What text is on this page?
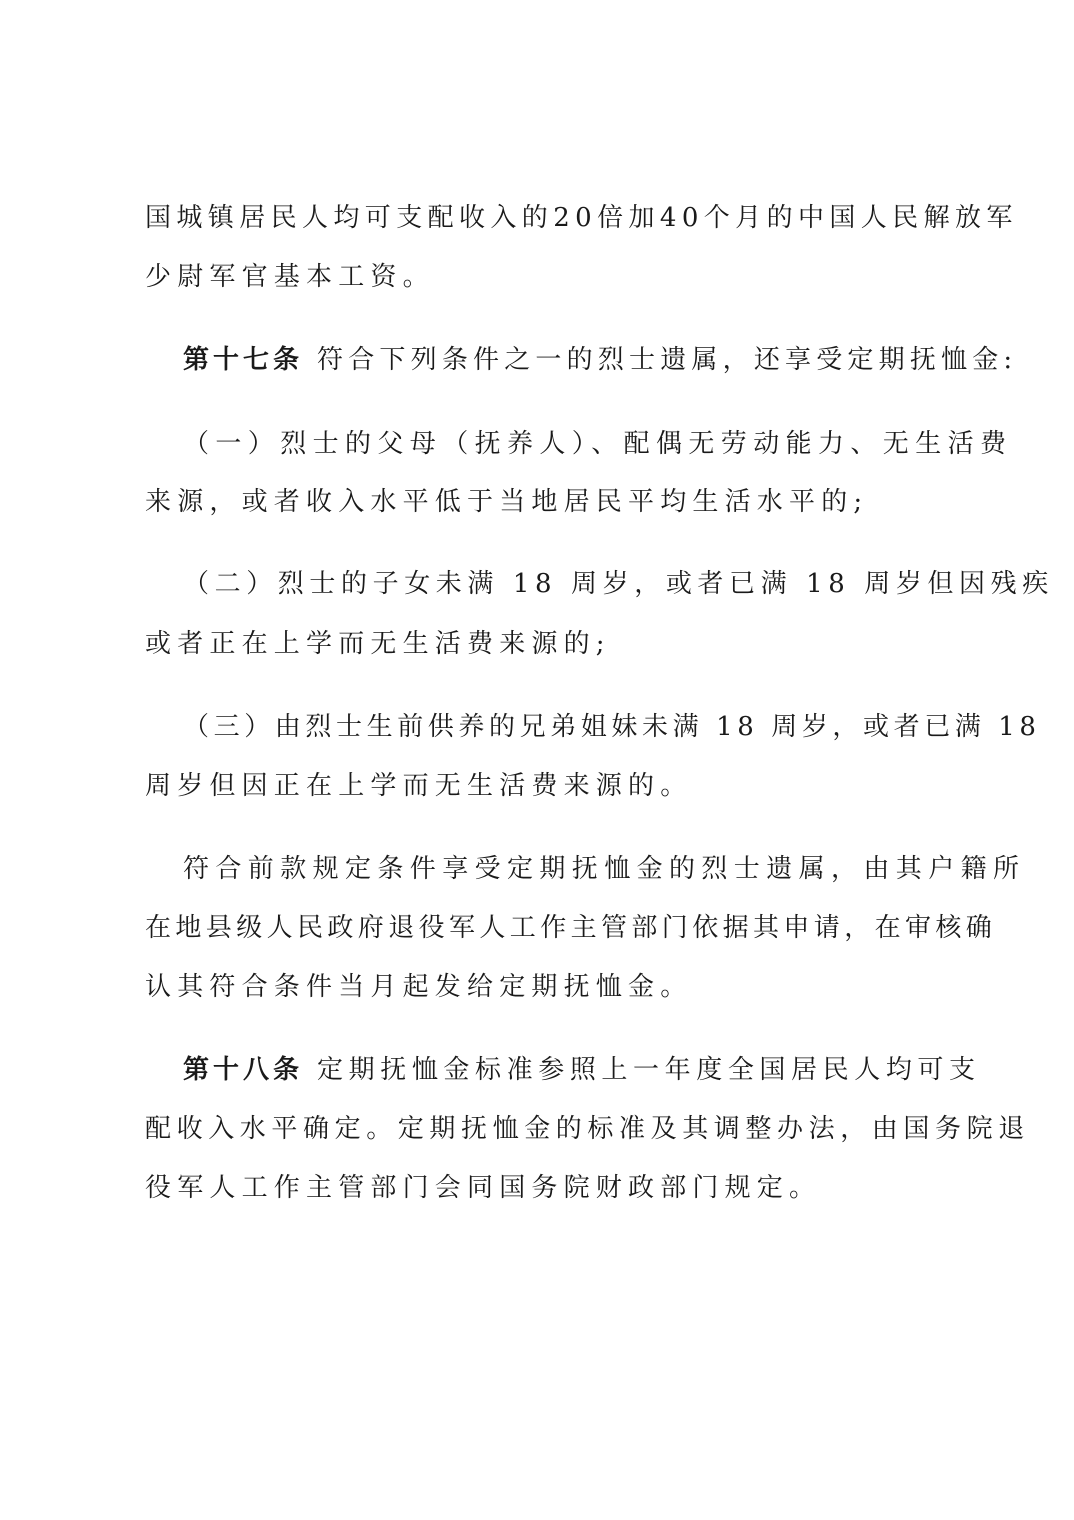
国城镇居民人均可支配收入的20倍加40个月的中国人民解放军
少尉军官基本工资。
第十七条 符合下列条件之一的烈士遗属，还享受定期抚恤金:
（一）烈士的父母（抚养人）、配偶无劳动能力、无生活费
来源，或者收入水平低于当地居民平均生活水平的;
（二）烈士的子女未满 18 周岁，或者已满 18 周岁但因残疾
或者正在上学而无生活费来源的;
（三）由烈士生前供养的兄弟姐妹未满 18 周岁，或者已满 18
周岁但因正在上学而无生活费来源的。
符合前款规定条件享受定期抚恤金的烈士遗属，由其户籍所
在地县级人民政府退役军人工作主管部门依据其申请，在审核确
认其符合条件当月起发给定期抚恤金。
第十八条 定期抚恤金标准参照上一年度全国居民人均可支
配收入水平确定。定期抚恤金的标准及其调整办法，由国务院退
役军人工作主管部门会同国务院财政部门规定。
